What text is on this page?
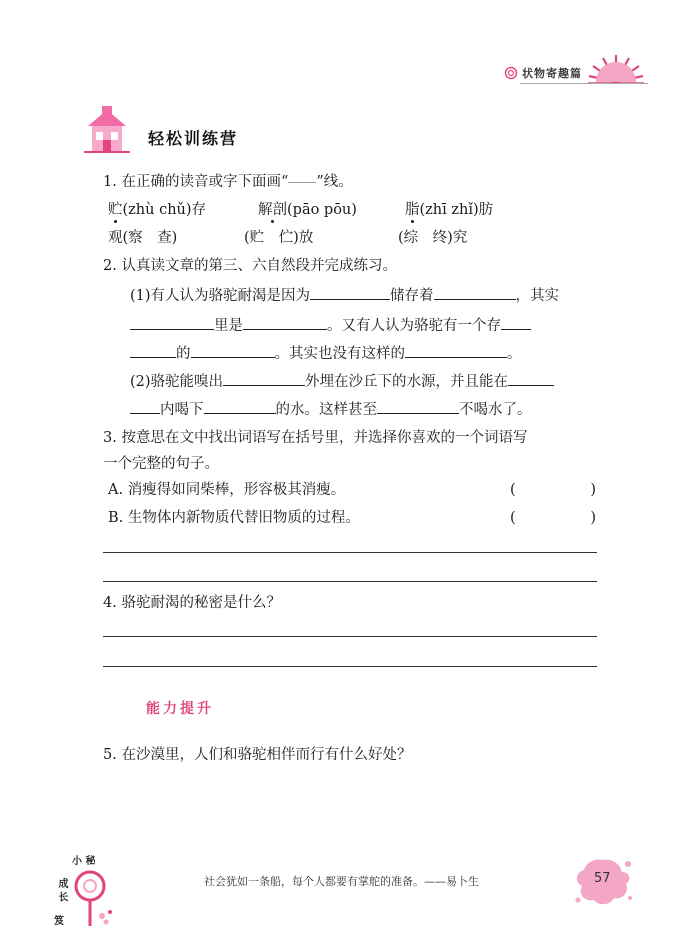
状物寄趣篇
轻松训练营
1. 在正确的读音或字下面画“ ”线。
贮(zhù chǔ)存	解剖(pāo pōu)	脂(zhī zhǐ)肪
观(察　查)	(贮　伫)放	(综　终)究
2. 认真读文章的第三、六自然段并完成练习。
(1)有人认为骆驼耐渴是因为	储存着	，其实
里是	。又有人认为骆驼有一个存
的	。其实也没有这样的	。
(2)骆驼能嗅出	外埋在沙丘下的水源，并且能在
内喝下	的水。这样甚至	不喝水了。
3. 按意思在文中找出词语写在括号里，并选择你喜欢的一个词语写
一个完整的句子。
A. 消瘦得如同柴棒，形容极其消瘦。	(	)
B. 生物体内新物质代替旧物质的过程。	(	)
4. 骆驼耐渴的秘密是什么？
能力提升
5. 在沙漠里，人们和骆驼相伴而行有什么好处？
小 秘
成 长
笈
社会犹如一条船，每个人都要有掌舵的准备。——易卜生	57
